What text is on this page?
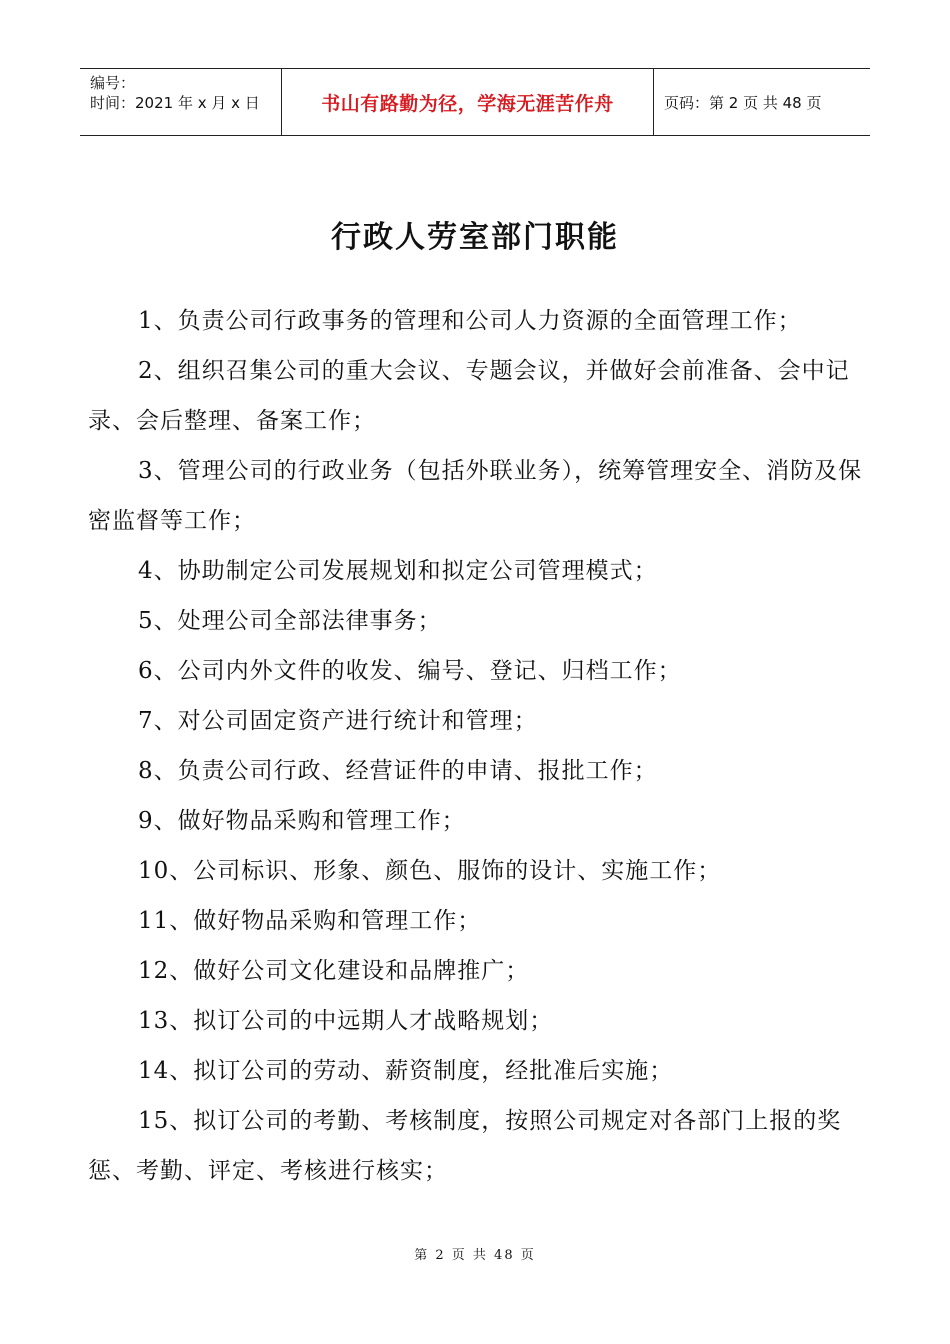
编号：
时间：2021 年 x 月 x 日	书山有路勤为径，学海无涯苦作舟	页码：第 2 页 共 48 页
行政人劳室部门职能

1、负责公司行政事务的管理和公司人力资源的全面管理工作；

2、组织召集公司的重大会议、专题会议，并做好会前准备、会中记录、会后整理、备案工作；

3、管理公司的行政业务（包括外联业务），统筹管理安全、消防及保密监督等工作；

4、协助制定公司发展规划和拟定公司管理模式；

5、处理公司全部法律事务；

6、公司内外文件的收发、编号、登记、归档工作；

7、对公司固定资产进行统计和管理；

8、负责公司行政、经营证件的申请、报批工作；

9、做好物品采购和管理工作；

10、公司标识、形象、颜色、服饰的设计、实施工作；

11、做好物品采购和管理工作；

12、做好公司文化建设和品牌推广；

13、拟订公司的中远期人才战略规划；

14、拟订公司的劳动、薪资制度，经批准后实施；

15、拟订公司的考勤、考核制度，按照公司规定对各部门上报的奖惩、考勤、评定、考核进行核实；

第 2 页 共 48 页
